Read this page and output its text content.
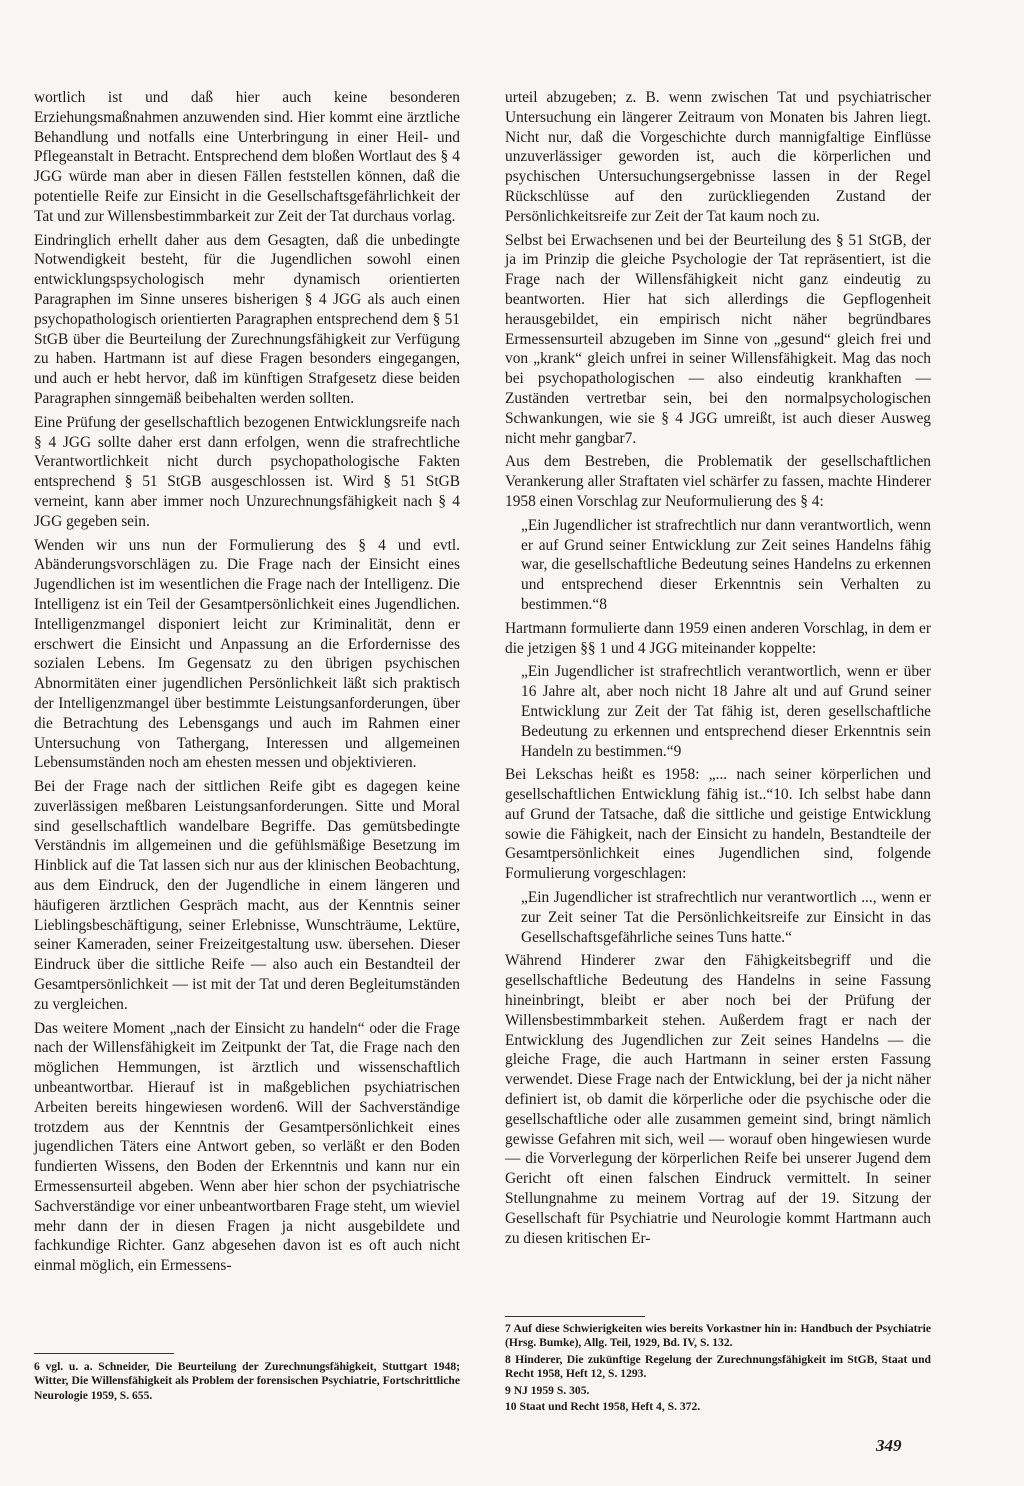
wortlich ist und daß hier auch keine besonderen Erziehungsmaßnahmen anzuwenden sind. Hier kommt eine ärztliche Behandlung und notfalls eine Unterbringung in einer Heil- und Pflegeanstalt in Betracht. Entsprechend dem bloßen Wortlaut des § 4 JGG würde man aber in diesen Fällen feststellen können, daß die potentielle Reife zur Einsicht in die Gesellschaftsgefährlichkeit der Tat und zur Willensbestimmbarkeit zur Zeit der Tat durchaus vorlag.

Eindringlich erhellt daher aus dem Gesagten, daß die unbedingte Notwendigkeit besteht, für die Jugendlichen sowohl einen entwicklungspsychologisch mehr dynamisch orientierten Paragraphen im Sinne unseres bisherigen § 4 JGG als auch einen psychopathologisch orientierten Paragraphen entsprechend dem § 51 StGB über die Beurteilung der Zurechnungsfähigkeit zur Verfügung zu haben. Hartmann ist auf diese Fragen besonders eingegangen, und auch er hebt hervor, daß im künftigen Strafgesetz diese beiden Paragraphen sinngemäß beibehalten werden sollten.

Eine Prüfung der gesellschaftlich bezogenen Entwicklungsreife nach § 4 JGG sollte daher erst dann erfolgen, wenn die strafrechtliche Verantwortlichkeit nicht durch psychopathologische Fakten entsprechend § 51 StGB ausgeschlossen ist. Wird § 51 StGB verneint, kann aber immer noch Unzurechnungsfähigkeit nach § 4 JGG gegeben sein.

Wenden wir uns nun der Formulierung des § 4 und evtl. Abänderungsvorschlägen zu. Die Frage nach der Einsicht eines Jugendlichen ist im wesentlichen die Frage nach der Intelligenz. Die Intelligenz ist ein Teil der Gesamtpersönlichkeit eines Jugendlichen. Intelligenzmangel disponiert leicht zur Kriminalität, denn er erschwert die Einsicht und Anpassung an die Erfordernisse des sozialen Lebens. Im Gegensatz zu den übrigen psychischen Abnormitäten einer jugendlichen Persönlichkeit läßt sich praktisch der Intelligenzmangel über bestimmte Leistungsanforderungen, über die Betrachtung des Lebensgangs und auch im Rahmen einer Untersuchung von Tathergang, Interessen und allgemeinen Lebensumständen noch am ehesten messen und objektivieren.

Bei der Frage nach der sittlichen Reife gibt es dagegen keine zuverlässigen meßbaren Leistungsanforderungen. Sitte und Moral sind gesellschaftlich wandelbare Begriffe. Das gemütsbedingte Verständnis im allgemeinen und die gefühlsmäßige Besetzung im Hinblick auf die Tat lassen sich nur aus der klinischen Beobachtung, aus dem Eindruck, den der Jugendliche in einem längeren und häufigeren ärztlichen Gespräch macht, aus der Kenntnis seiner Lieblingsbeschäftigung, seiner Erlebnisse, Wunschträume, Lektüre, seiner Kameraden, seiner Freizeitgestaltung usw. übersehen. Dieser Eindruck über die sittliche Reife — also auch ein Bestandteil der Gesamtpersönlichkeit — ist mit der Tat und deren Begleitumständen zu vergleichen.

Das weitere Moment „nach der Einsicht zu handeln“ oder die Frage nach der Willensfähigkeit im Zeitpunkt der Tat, die Frage nach den möglichen Hemmungen, ist ärztlich und wissenschaftlich unbeantwortbar. Hierauf ist in maßgeblichen psychiatrischen Arbeiten bereits hingewiesen worden6. Will der Sachverständige trotzdem aus der Kenntnis der Gesamtpersönlichkeit eines jugendlichen Täters eine Antwort geben, so verläßt er den Boden fundierten Wissens, den Boden der Erkenntnis und kann nur ein Ermessensurteil abgeben. Wenn aber hier schon der psychiatrische Sachverständige vor einer unbeantwortbaren Frage steht, um wieviel mehr dann der in diesen Fragen ja nicht ausgebildete und fachkundige Richter. Ganz abgesehen davon ist es oft auch nicht einmal möglich, ein Ermessens-

urteil abzugeben; z. B. wenn zwischen Tat und psychiatrischer Untersuchung ein längerer Zeitraum von Monaten bis Jahren liegt. Nicht nur, daß die Vorgeschichte durch mannigfaltige Einflüsse unzuverlässiger geworden ist, auch die körperlichen und psychischen Untersuchungsergebnisse lassen in der Regel Rückschlüsse auf den zurückliegenden Zustand der Persönlichkeitsreife zur Zeit der Tat kaum noch zu.

Selbst bei Erwachsenen und bei der Beurteilung des § 51 StGB, der ja im Prinzip die gleiche Psychologie der Tat repräsentiert, ist die Frage nach der Willensfähigkeit nicht ganz eindeutig zu beantworten. Hier hat sich allerdings die Gepflogenheit herausgebildet, ein empirisch nicht näher begründbares Ermessensurteil abzugeben im Sinne von „gesund“ gleich frei und von „krank“ gleich unfrei in seiner Willensfähigkeit. Mag das noch bei psychopathologischen — also eindeutig krankhaften — Zuständen vertretbar sein, bei den normalpsychologischen Schwankungen, wie sie § 4 JGG umreißt, ist auch dieser Ausweg nicht mehr gangbar7.

Aus dem Bestreben, die Problematik der gesellschaftlichen Verankerung aller Straftaten viel schärfer zu fassen, machte Hinderer 1958 einen Vorschlag zur Neuformulierung des § 4:

„Ein Jugendlicher ist strafrechtlich nur dann verantwortlich, wenn er auf Grund seiner Entwicklung zur Zeit seines Handelns fähig war, die gesellschaftliche Bedeutung seines Handelns zu erkennen und entsprechend dieser Erkenntnis sein Verhalten zu bestimmen.“8

Hartmann formulierte dann 1959 einen anderen Vorschlag, in dem er die jetzigen §§ 1 und 4 JGG miteinander koppelte:

„Ein Jugendlicher ist strafrechtlich verantwortlich, wenn er über 16 Jahre alt, aber noch nicht 18 Jahre alt und auf Grund seiner Entwicklung zur Zeit der Tat fähig ist, deren gesellschaftliche Bedeutung zu erkennen und entsprechend dieser Erkenntnis sein Handeln zu bestimmen.“9

Bei Lekschas heißt es 1958: „... nach seiner körperlichen und gesellschaftlichen Entwicklung fähig ist..“10. Ich selbst habe dann auf Grund der Tatsache, daß die sittliche und geistige Entwicklung sowie die Fähigkeit, nach der Einsicht zu handeln, Bestandteile der Gesamtpersönlichkeit eines Jugendlichen sind, folgende Formulierung vorgeschlagen:

„Ein Jugendlicher ist strafrechtlich nur verantwortlich ..., wenn er zur Zeit seiner Tat die Persönlichkeitsreife zur Einsicht in das Gesellschaftsgefährliche seines Tuns hatte.“

Während Hinderer zwar den Fähigkeitsbegriff und die gesellschaftliche Bedeutung des Handelns in seine Fassung hineinbringt, bleibt er aber noch bei der Prüfung der Willensbestimmbarkeit stehen. Außerdem fragt er nach der Entwicklung des Jugendlichen zur Zeit seines Handelns — die gleiche Frage, die auch Hartmann in seiner ersten Fassung verwendet. Diese Frage nach der Entwicklung, bei der ja nicht näher definiert ist, ob damit die körperliche oder die psychische oder die gesellschaftliche oder alle zusammen gemeint sind, bringt nämlich gewisse Gefahren mit sich, weil — worauf oben hingewiesen wurde — die Vorverlegung der körperlichen Reife bei unserer Jugend dem Gericht oft einen falschen Eindruck vermittelt. In seiner Stellungnahme zu meinem Vortrag auf der 19. Sitzung der Gesellschaft für Psychiatrie und Neurologie kommt Hartmann auch zu diesen kritischen Er-

6 vgl. u. a. Schneider, Die Beurteilung der Zurechnungsfähigkeit, Stuttgart 1948; Witter, Die Willensfähigkeit als Problem der forensischen Psychiatrie, Fortschrittliche Neurologie 1959, S. 655.

7 Auf diese Schwierigkeiten wies bereits Vorkastner hin in: Handbuch der Psychiatrie (Hrsg. Bumke), Allg. Teil, 1929, Bd. IV, S. 132.

8 Hinderer, Die zukünftige Regelung der Zurechnungsfähigkeit im StGB, Staat und Recht 1958, Heft 12, S. 1293.

9 NJ 1959 S. 305.

10 Staat und Recht 1958, Heft 4, S. 372.

349
